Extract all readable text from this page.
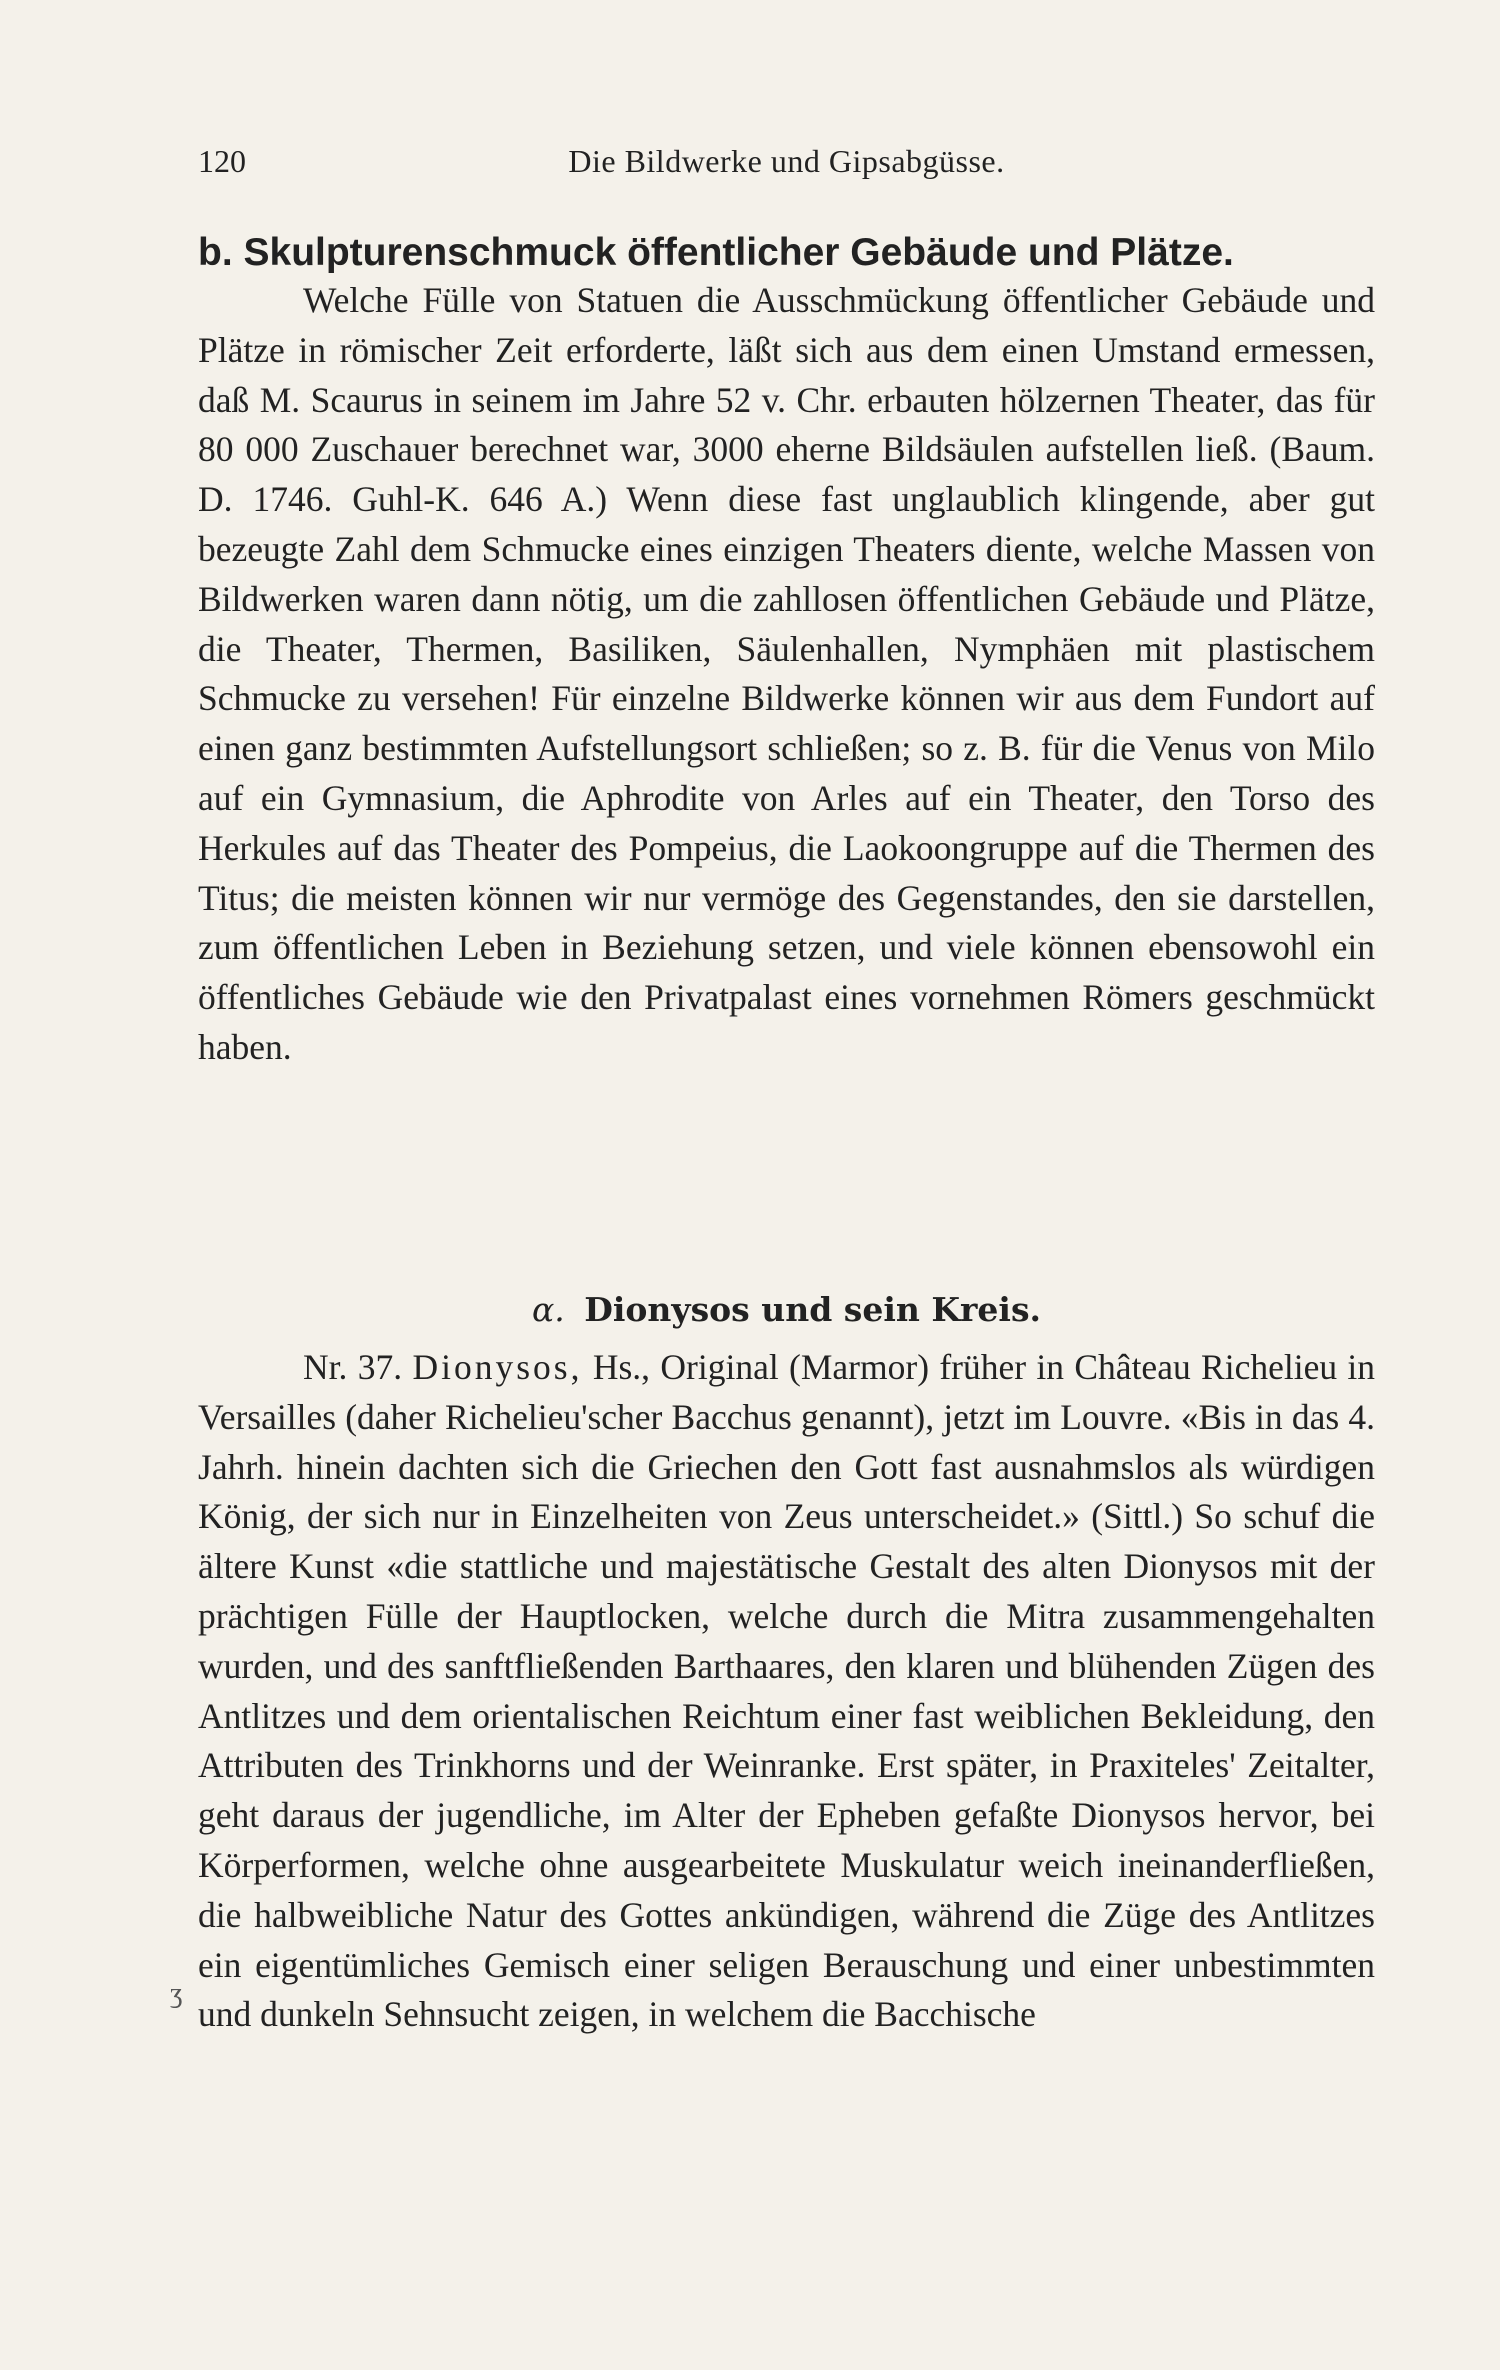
120	Die Bildwerke und Gipsabgüsse.
b. Skulpturenschmuck öffentlicher Gebäude und Plätze.

Welche Fülle von Statuen die Ausschmückung öffentlicher Gebäude und Plätze in römischer Zeit erforderte, läßt sich aus dem einen Umstand ermessen, daß M. Scaurus in seinem im Jahre 52 v. Chr. erbauten hölzernen Theater, das für 80 000 Zuschauer berechnet war, 3000 eherne Bildsäulen aufstellen ließ. (Baum. D. 1746. Guhl-K. 646 A.) Wenn diese fast unglaublich klingende, aber gut bezeugte Zahl dem Schmucke eines einzigen Theaters diente, welche Massen von Bildwerken waren dann nötig, um die zahllosen öffentlichen Gebäude und Plätze, die Theater, Thermen, Basiliken, Säulenhallen, Nymphäen mit plastischem Schmucke zu versehen! Für einzelne Bildwerke können wir aus dem Fundort auf einen ganz bestimmten Aufstellungsort schließen; so z. B. für die Venus von Milo auf ein Gymnasium, die Aphrodite von Arles auf ein Theater, den Torso des Herkules auf das Theater des Pompeius, die Laokoongruppe auf die Thermen des Titus; die meisten können wir nur vermöge des Gegenstandes, den sie darstellen, zum öffentlichen Leben in Beziehung setzen, und viele können ebensowohl ein öffentliches Gebäude wie den Privatpalast eines vornehmen Römers geschmückt haben.

α. Dionysos und sein Kreis.

Nr. 37. Dionysos, Hs., Original (Marmor) früher in Château Richelieu in Versailles (daher Richelieu'scher Bacchus genannt), jetzt im Louvre. «Bis in das 4. Jahrh. hinein dachten sich die Griechen den Gott fast ausnahmslos als würdigen König, der sich nur in Einzelheiten von Zeus unterscheidet.» (Sittl.) So schuf die ältere Kunst «die stattliche und majestätische Gestalt des alten Dionysos mit der prächtigen Fülle der Hauptlocken, welche durch die Mitra zusammengehalten wurden, und des sanftfließenden Barthaares, den klaren und blühenden Zügen des Antlitzes und dem orientalischen Reichtum einer fast weiblichen Bekleidung, den Attributen des Trinkhorns und der Weinranke. Erst später, in Praxiteles' Zeitalter, geht daraus der jugendliche, im Alter der Epheben gefaßte Dionysos hervor, bei Körperformen, welche ohne ausgearbeitete Muskulatur weich ineinanderfließen, die halbweibliche Natur des Gottes ankündigen, während die Züge des Antlitzes ein eigentümliches Gemisch einer seligen Berauschung und einer unbestimmten und dunkeln Sehnsucht zeigen, in welchem die Bacchische

ʒ
